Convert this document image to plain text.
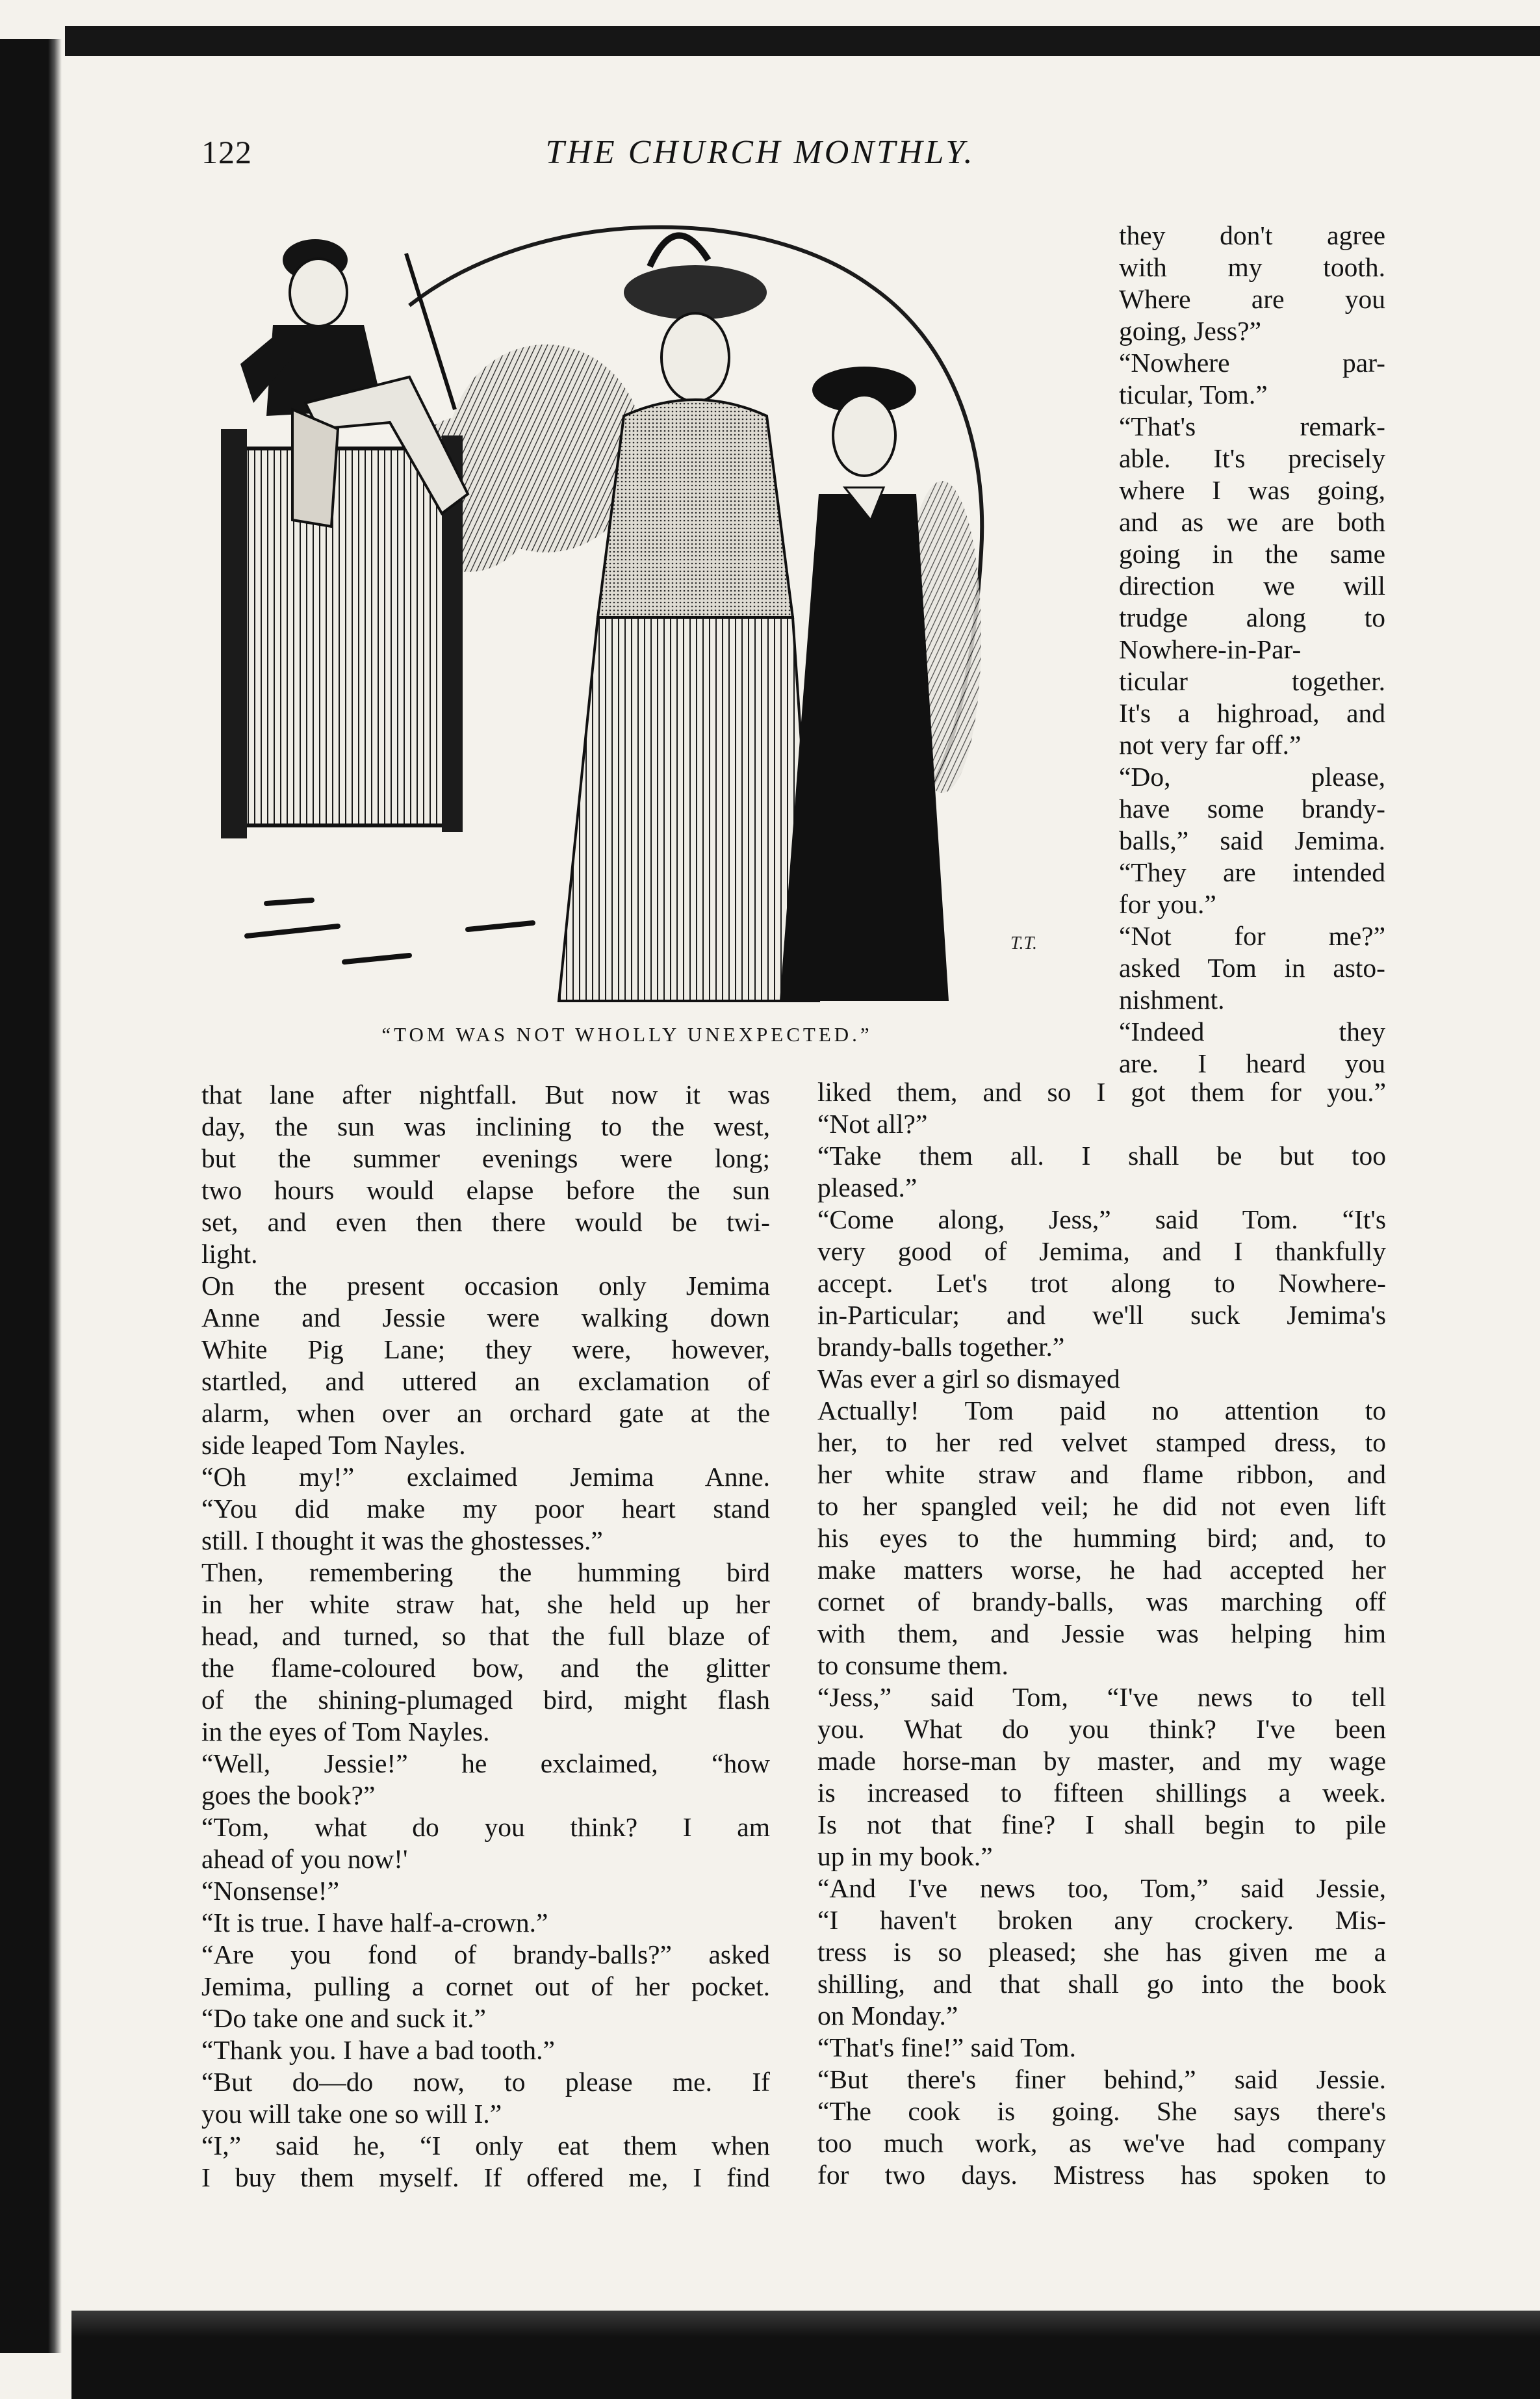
122	THE CHURCH MONTHLY.
T.T.
“TOM WAS NOT WHOLLY UNEXPECTED.”

they don't agree

with my tooth.

Where are you

going, Jess?”

“Nowhere par-

ticular, Tom.”

“That's remark-

able. It's precisely

where I was going,

and as we are both

going in the same

direction we will

trudge along to

Nowhere-in-Par-

ticular together.

It's a highroad, and

not very far off.”

“Do, please,

have some brandy-

balls,” said Jemima.

“They are intended

for you.”

“Not for me?”

asked Tom in asto-

nishment.

“Indeed they

are. I heard you

that lane after nightfall. But now it was

day, the sun was inclining to the west,

but the summer evenings were long;

two hours would elapse before the sun

set, and even then there would be twi-

light.

On the present occasion only Jemima

Anne and Jessie were walking down

White Pig Lane; they were, however,

startled, and uttered an exclamation of

alarm, when over an orchard gate at the

side leaped Tom Nayles.

“Oh my!” exclaimed Jemima Anne.

“You did make my poor heart stand

still. I thought it was the ghostesses.”

Then, remembering the humming bird

in her white straw hat, she held up her

head, and turned, so that the full blaze of

the flame-coloured bow, and the glitter

of the shining-plumaged bird, might flash

in the eyes of Tom Nayles.

“Well, Jessie!” he exclaimed, “how

goes the book?”

“Tom, what do you think? I am

ahead of you now!'

“Nonsense!”

“It is true. I have half-a-crown.”

“Are you fond of brandy-balls?” asked

Jemima, pulling a cornet out of her pocket.

“Do take one and suck it.”

“Thank you. I have a bad tooth.”

“But do—do now, to please me. If

you will take one so will I.”

“I,” said he, “I only eat them when

I buy them myself. If offered me, I find

liked them, and so I got them for you.”

“Not all?”

“Take them all. I shall be but too

pleased.”

“Come along, Jess,” said Tom. “It's

very good of Jemima, and I thankfully

accept. Let's trot along to Nowhere-

in-Particular; and we'll suck Jemima's

brandy-balls together.”

Was ever a girl so dismayed

Actually! Tom paid no attention to

her, to her red velvet stamped dress, to

her white straw and flame ribbon, and

to her spangled veil; he did not even lift

his eyes to the humming bird; and, to

make matters worse, he had accepted her

cornet of brandy-balls, was marching off

with them, and Jessie was helping him

to consume them.

“Jess,” said Tom, “I've news to tell

you. What do you think? I've been

made horse-man by master, and my wage

is increased to fifteen shillings a week.

Is not that fine? I shall begin to pile

up in my book.”

“And I've news too, Tom,” said Jessie,

“I haven't broken any crockery. Mis-

tress is so pleased; she has given me a

shilling, and that shall go into the book

on Monday.”

“That's fine!” said Tom.

“But there's finer behind,” said Jessie.

“The cook is going. She says there's

too much work, as we've had company

for two days. Mistress has spoken to
